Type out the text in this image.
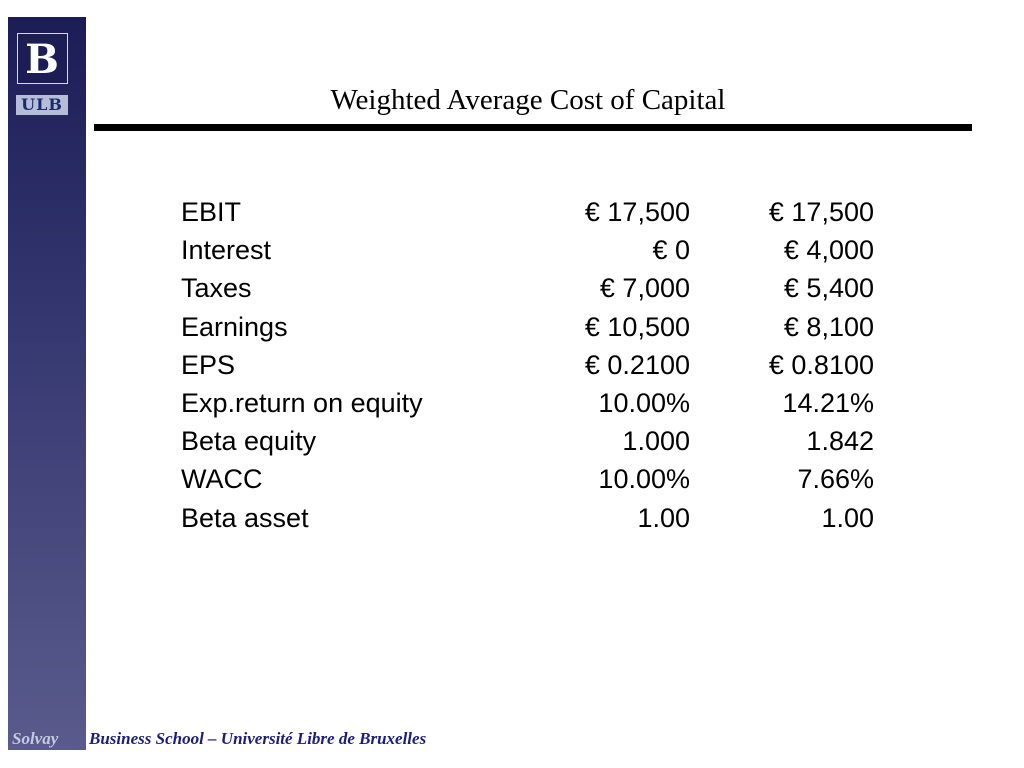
B
ULB	Weighted Average Cost of Capital
EBIT	€ 17,500	€ 17,500
Interest	€ 0	€ 4,000
Taxes	€ 7,000	€ 5,400
Earnings	€ 10,500	€ 8,100
EPS	€ 0.2100	€ 0.8100
Exp.return on equity	10.00%	14.21%
Beta equity	1.000	1.842
WACC	10.00%	7.66%
Beta asset	1.00	1.00
Solvay Business School – Université Libre de Bruxelles
